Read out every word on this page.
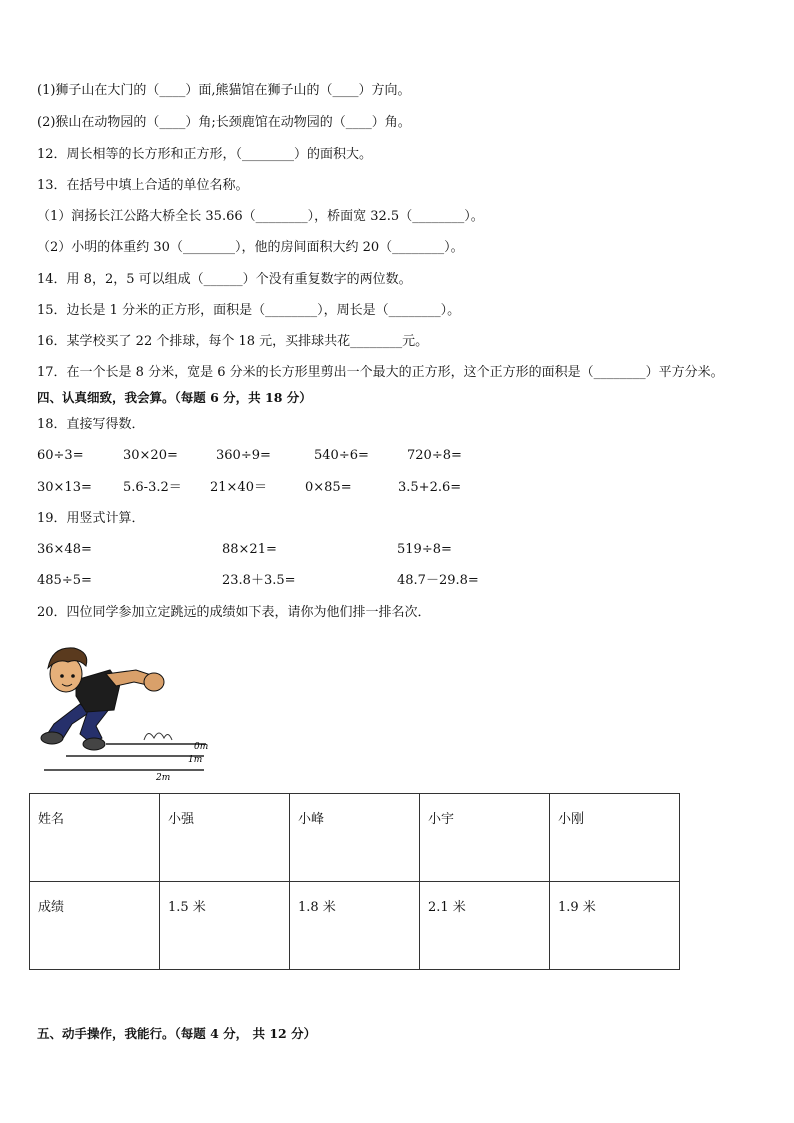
(1)狮子山在大门的（____）面,熊猫馆在狮子山的（____）方向。
(2)猴山在动物园的（____）角;长颈鹿馆在动物园的（____）角。
12．周长相等的长方形和正方形，（________）的面积大。
13．在括号中填上合适的单位名称。
（1）润扬长江公路大桥全长 35.66（________），桥面宽 32.5（________）。
（2）小明的体重约 30（________），他的房间面积大约 20（________）。
14．用 8，2，5 可以组成（______）个没有重复数字的两位数。
15．边长是 1 分米的正方形，面积是（________），周长是（________）。
16．某学校买了 22 个排球，每个 18 元，买排球共花________元。
17．在一个长是 8 分米，宽是 6 分米的长方形里剪出一个最大的正方形，这个正方形的面积是（________）平方分米。
四、认真细致，我会算。（每题 6 分，共 18 分）
18．直接写得数．
60÷3=	30×20=	360÷9=	540÷6=	720÷8=
30×13= 5.6-3.2＝ 21×40＝	0×85=	3.5+2.6=
19．用竖式计算．
36×48=	88×21=	519÷8=
485÷5=	23.8＋3.5=	48.7－29.8=
20．四位同学参加立定跳远的成绩如下表，请你为他们排一排名次．
0m
1m
2m
姓名	小强	小峰	小宇	小刚
成绩	1.5 米	1.8 米	2.1 米	1.9 米
五、动手操作，我能行。（每题 4 分， 共 12 分）
